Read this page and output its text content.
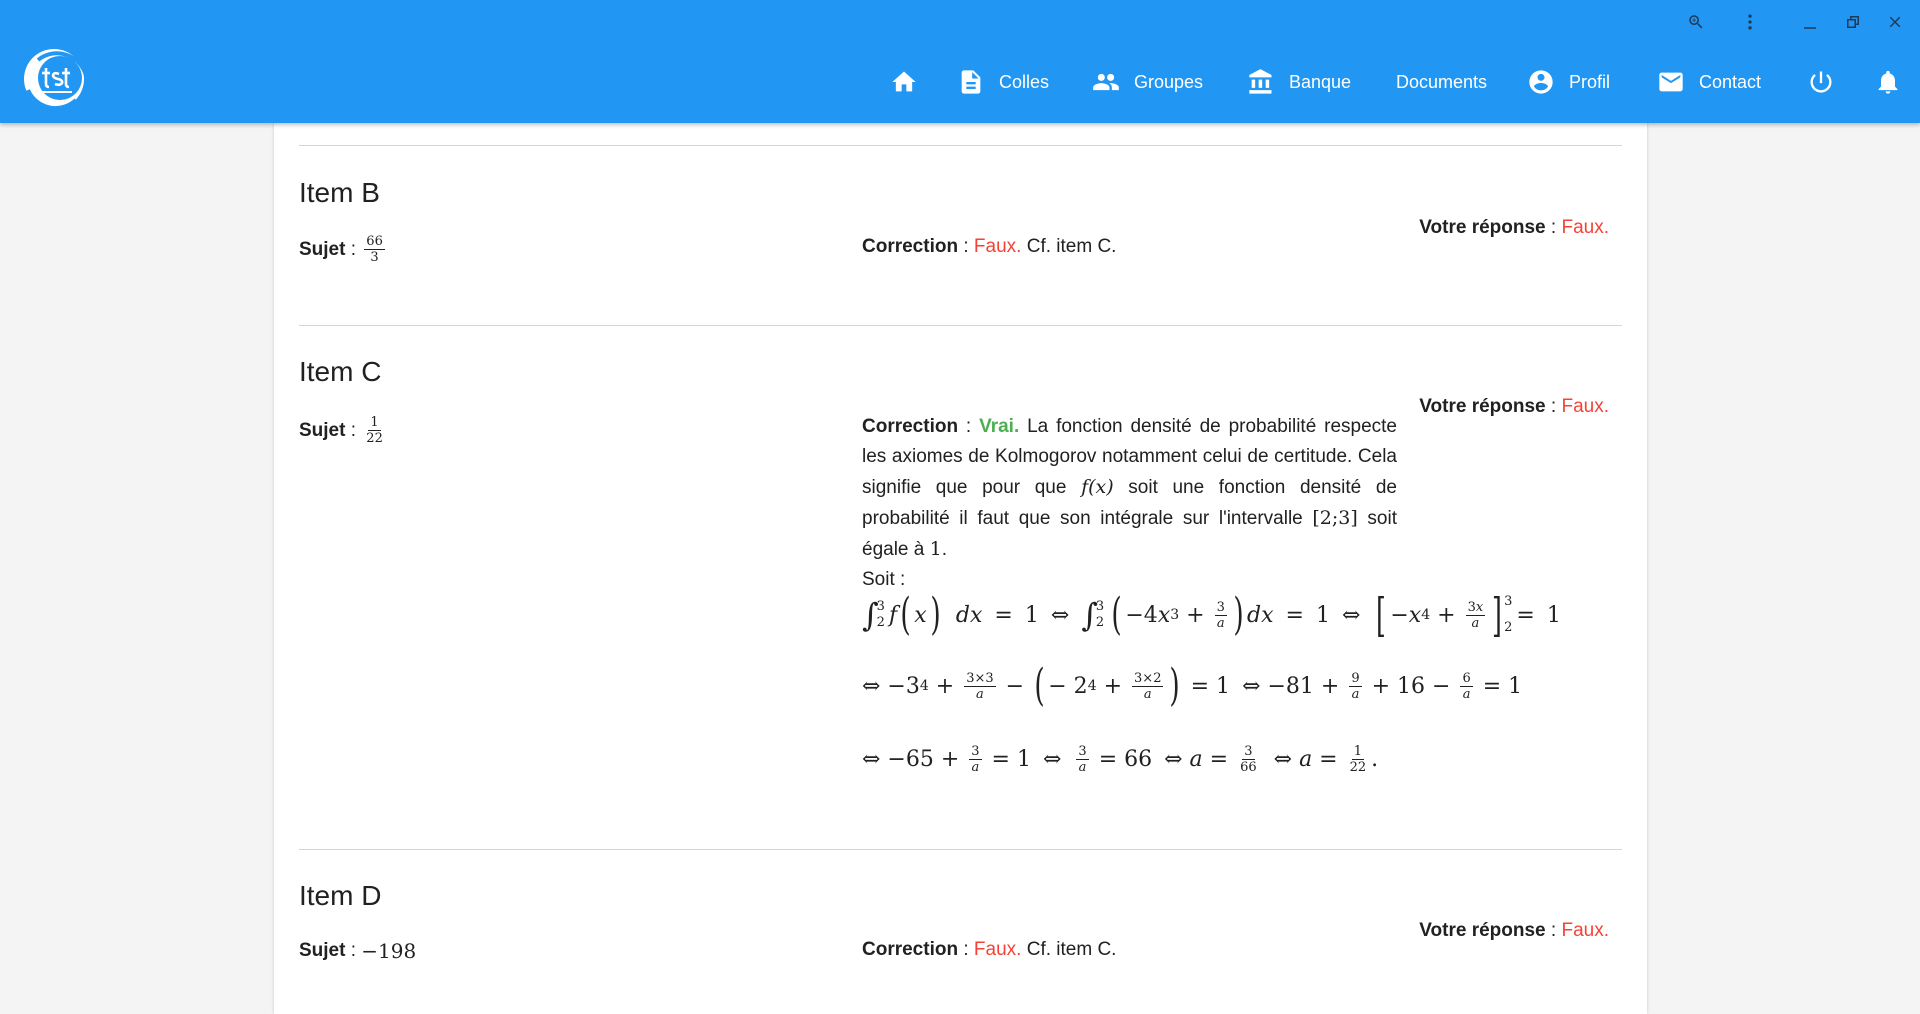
Colles	Groupes	Banque Documents	Profil	Contact
Item B
Sujet : $\frac{66}{3}$	Correction : Faux. Cf. item C.
Votre réponse : Faux.
Item C
Sujet : $\frac{1}{22}$
Votre réponse : Faux.
Correction : Vrai. La fonction densité de probabilité respecte les axiomes de Kolmogorov notamment celui de certitude. Cela signifie que pour que f(x) soit une fonction densité de probabilité il faut que son intégrale sur l'intervalle [2;3] soit égale à 1.
Soit :
∫
3
2 f ( x ) dx = 1 ⇔ ∫
3
2 ( −4 x $3 + \frac{3}{a}$ ) dx = 1 ⇔ [ − x $4 + \frac{3x}{a}$ ] 3
2 = 1
⇔ −3 $4 + \frac{3\times 3}{a}$ − ( − 2 $4 + \frac{3\times 2}{a}$ ) = 1 ⇔ $-81 + \frac{9}{a} + 16 - \frac{6}{a} = 1$
⇔ $-65 + \frac{3}{a} = 1$ ⇔ $\frac{3}{a} = 66$ ⇔ $a = \frac{3}{66}$ ⇔ $a = \frac{1}{22}$ .
Item D
Sujet : −198	Correction : Faux. Cf. item C.
Votre réponse : Faux.
